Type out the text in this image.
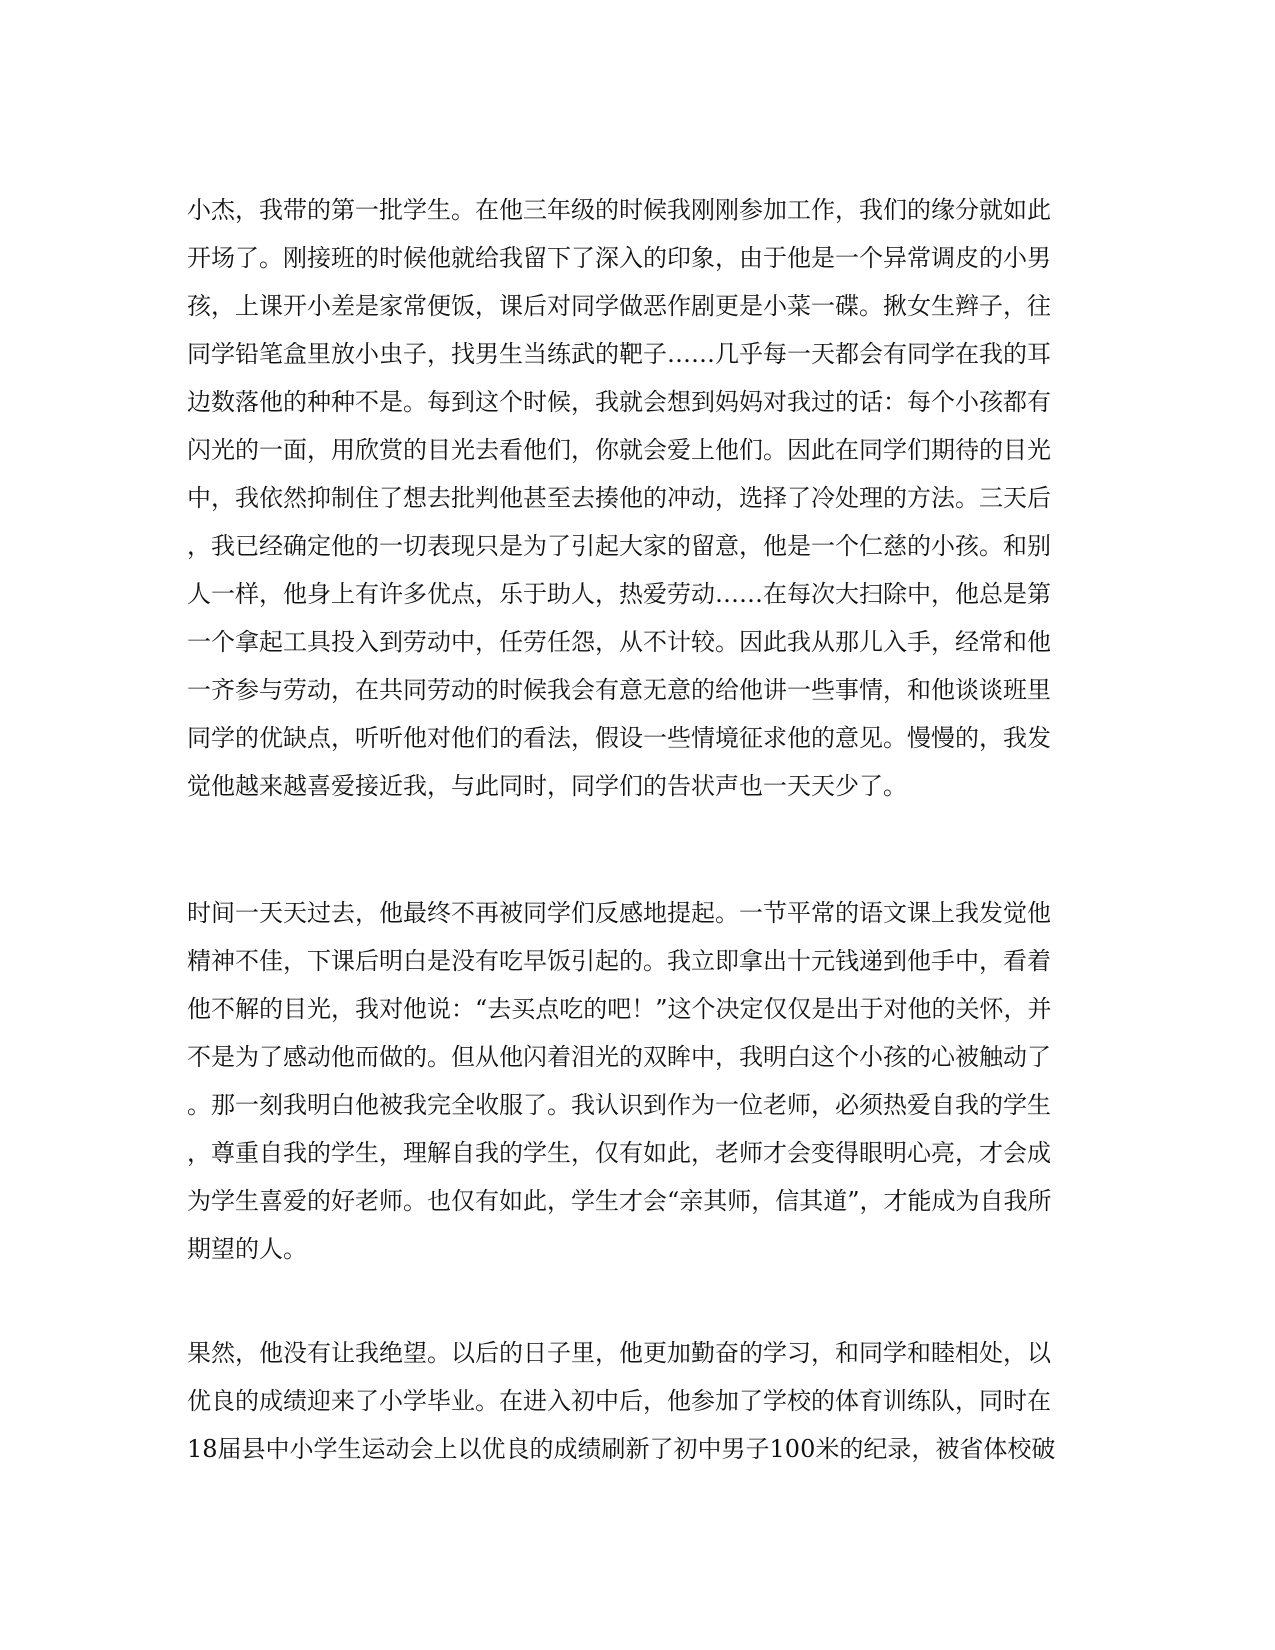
小杰，我带的第一批学生。在他三年级的时候我刚刚参加工作，我们的缘分就如此
开场了。刚接班的时候他就给我留下了深入的印象，由于他是一个异常调皮的小男
孩，上课开小差是家常便饭，课后对同学做恶作剧更是小菜一碟。揪女生辫子，往
同学铅笔盒里放小虫子，找男生当练武的靶子……几乎每一天都会有同学在我的耳
边数落他的种种不是。每到这个时候，我就会想到妈妈对我过的话：每个小孩都有
闪光的一面，用欣赏的目光去看他们，你就会爱上他们。因此在同学们期待的目光
中，我依然抑制住了想去批判他甚至去揍他的冲动，选择了冷处理的方法。三天后
，我已经确定他的一切表现只是为了引起大家的留意，他是一个仁慈的小孩。和别
人一样，他身上有许多优点，乐于助人，热爱劳动……在每次大扫除中，他总是第
一个拿起工具投入到劳动中，任劳任怨，从不计较。因此我从那儿入手，经常和他
一齐参与劳动，在共同劳动的时候我会有意无意的给他讲一些事情，和他谈谈班里
同学的优缺点，听听他对他们的看法，假设一些情境征求他的意见。慢慢的，我发
觉他越来越喜爱接近我，与此同时，同学们的告状声也一天天少了。
时间一天天过去，他最终不再被同学们反感地提起。一节平常的语文课上我发觉他
精神不佳，下课后明白是没有吃早饭引起的。我立即拿出十元钱递到他手中，看着
他不解的目光，我对他说：“去买点吃的吧！”这个决定仅仅是出于对他的关怀，并
不是为了感动他而做的。但从他闪着泪光的双眸中，我明白这个小孩的心被触动了
。那一刻我明白他被我完全收服了。我认识到作为一位老师，必须热爱自我的学生
，尊重自我的学生，理解自我的学生，仅有如此，老师才会变得眼明心亮，才会成
为学生喜爱的好老师。也仅有如此，学生才会“亲其师，信其道”，才能成为自我所
期望的人。
果然，他没有让我绝望。以后的日子里，他更加勤奋的学习，和同学和睦相处，以
优良的成绩迎来了小学毕业。在进入初中后，他参加了学校的体育训练队，同时在
18届县中小学生运动会上以优良的成绩刷新了初中男子100米的纪录，被省体校破
